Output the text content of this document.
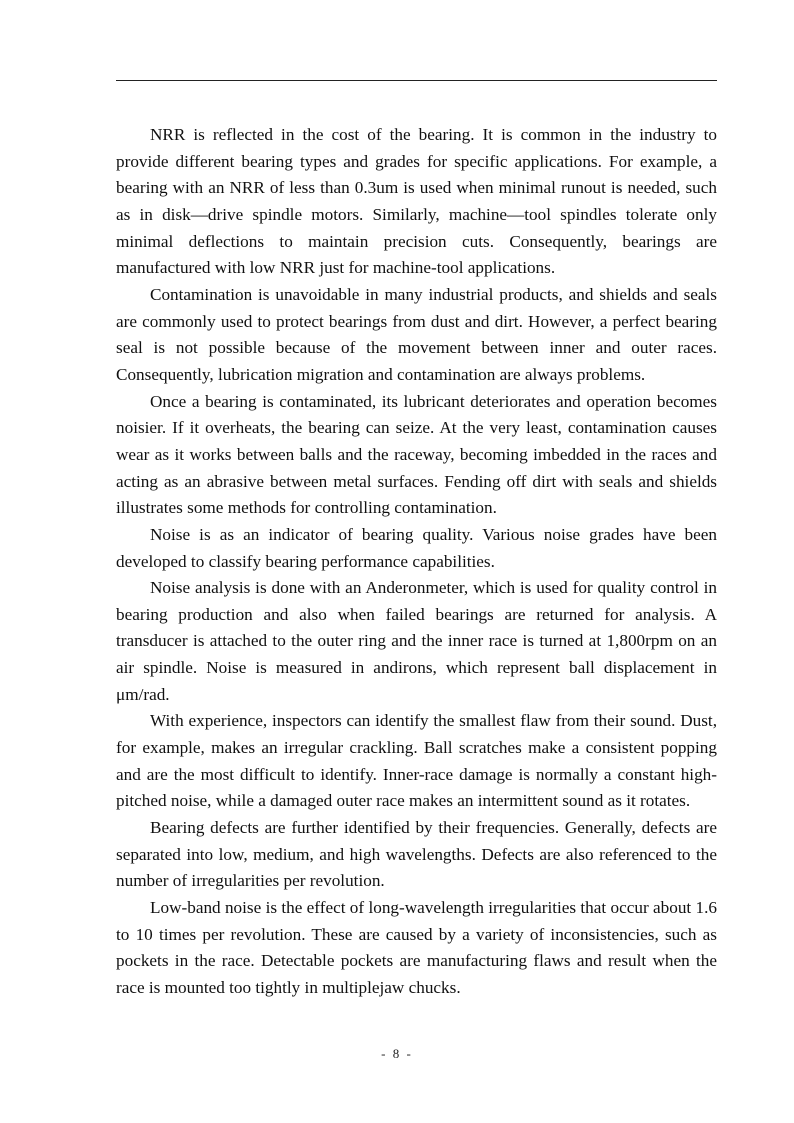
NRR is reflected in the cost of the bearing. It is common in the industry to provide different bearing types and grades for specific applications. For example, a bearing with an NRR of less than 0.3um is used when minimal runout is needed, such as in disk—drive spindle motors. Similarly, machine—tool spindles tolerate only minimal deflections to maintain precision cuts. Consequently, bearings are manufactured with low NRR just for machine-tool applications.

Contamination is unavoidable in many industrial products, and shields and seals are commonly used to protect bearings from dust and dirt. However, a perfect bearing seal is not possible because of the movement between inner and outer races. Consequently, lubrication migration and contamination are always problems.

Once a bearing is contaminated, its lubricant deteriorates and operation becomes noisier. If it overheats, the bearing can seize. At the very least, contamination causes wear as it works between balls and the raceway, becoming imbedded in the races and acting as an abrasive between metal surfaces. Fending off dirt with seals and shields illustrates some methods for controlling contamination.

Noise is as an indicator of bearing quality. Various noise grades have been developed to classify bearing performance capabilities.

Noise analysis is done with an Anderonmeter, which is used for quality control in bearing production and also when failed bearings are returned for analysis. A transducer is attached to the outer ring and the inner race is turned at 1,800rpm on an air spindle. Noise is measured in andirons, which represent ball displacement in μm/rad.

With experience, inspectors can identify the smallest flaw from their sound. Dust, for example, makes an irregular crackling. Ball scratches make a consistent popping and are the most difficult to identify. Inner-race damage is normally a constant high-pitched noise, while a damaged outer race makes an intermittent sound as it rotates.

Bearing defects are further identified by their frequencies. Generally, defects are separated into low, medium, and high wavelengths. Defects are also referenced to the number of irregularities per revolution.

Low-band noise is the effect of long-wavelength irregularities that occur about 1.6 to 10 times per revolution. These are caused by a variety of inconsistencies, such as pockets in the race. Detectable pockets are manufacturing flaws and result when the race is mounted too tightly in multiplejaw chucks.

- 8 -
